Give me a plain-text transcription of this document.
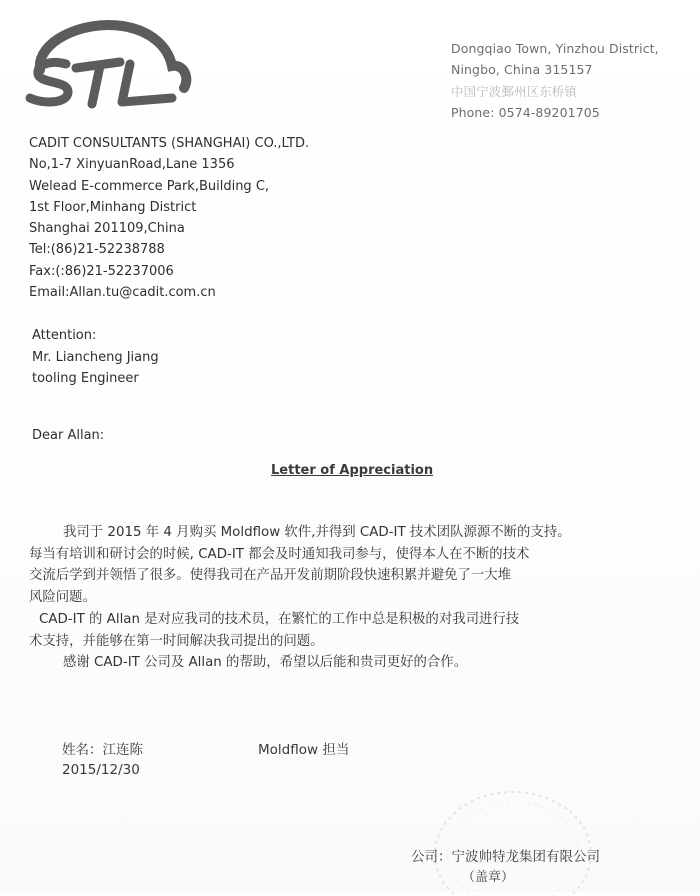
Dongqiao Town, Yinzhou District,
Ningbo, China 315157
中国宁波鄞州区东桥镇
Phone: 0574-89201705
CADIT CONSULTANTS (SHANGHAI) CO.,LTD.
No,1-7 XinyuanRoad,Lane 1356
Welead E-commerce Park,Building C,
1st Floor,Minhang District
Shanghai 201109,China
Tel:(86)21-52238788
Fax:(:86)21-52237006
Email:Allan.tu@cadit.com.cn
Attention:
Mr. Liancheng Jiang
tooling Engineer
Dear Allan:
Letter of Appreciation

我司于 2015 年 4 月购买 Moldflow 软件,并得到 CAD-IT 技术团队源源不断的支持。

每当有培训和研讨会的时候, CAD-IT 都会及时通知我司参与，使得本人在不断的技术

交流后学到并领悟了很多。使得我司在产品开发前期阶段快速积累并避免了一大堆

风险问题。

CAD-IT 的 Allan 是对应我司的技术员，在繁忙的工作中总是积极的对我司进行技

术支持，并能够在第一时间解决我司提出的问题。

感谢 CAD-IT 公司及 Allan 的帮助，希望以后能和贵司更好的合作。

姓名：江连陈	Moldflow 担当
2015/12/30
公司：宁波帅特龙集团有限公司
（盖章）
